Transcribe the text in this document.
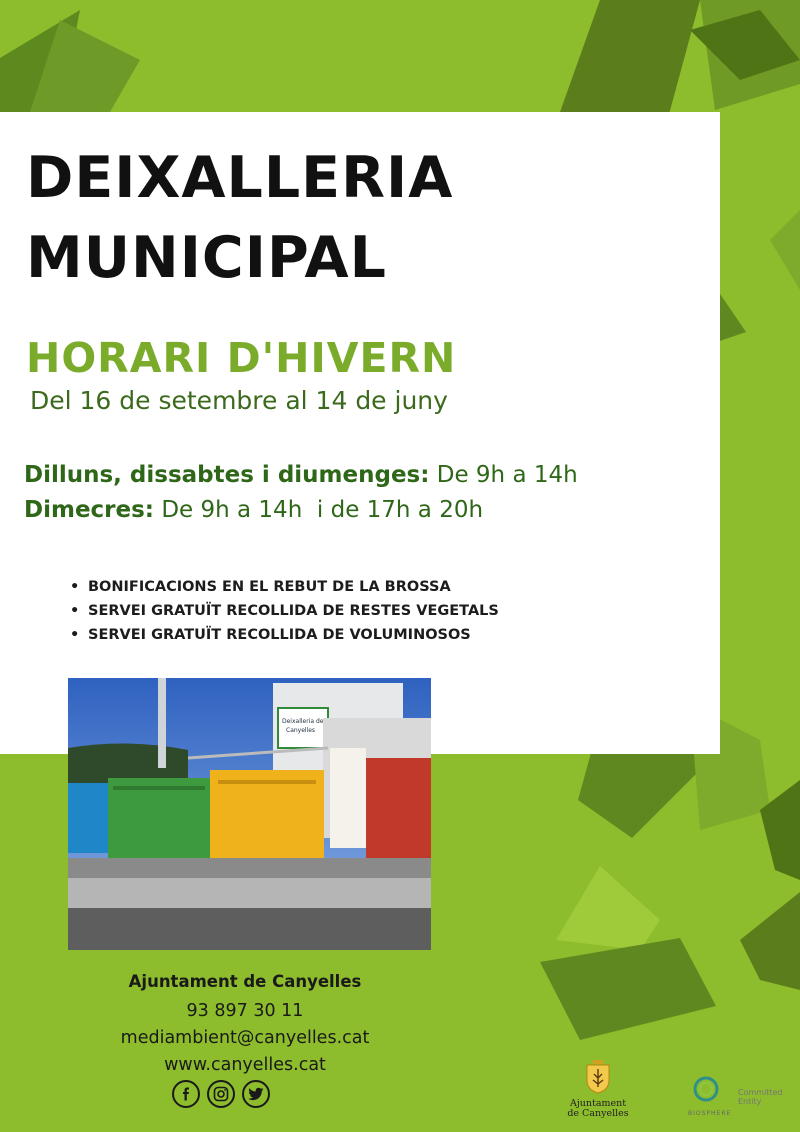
DEIXALLERIA
MUNICIPAL
HORARI D'HIVERN
Del 16 de setembre al 14 de juny
Dilluns, dissabtes i diumenges: De 9h a 14h
Dimecres: De 9h a 14h  i de 17h a 20h
• BONIFICACIONS EN EL REBUT DE LA BROSSA
• SERVEI GRATUÏT RECOLLIDA DE RESTES VEGETALS
• SERVEI GRATUÏT RECOLLIDA DE VOLUMINOSOS
Deixalleria de
Canyelles
Ajuntament de Canyelles
93 897 30 11
mediambient@canyelles.cat
www.canyelles.cat
Ajuntament
de Canyelles	BIOSPHERE
Committed
Entity
